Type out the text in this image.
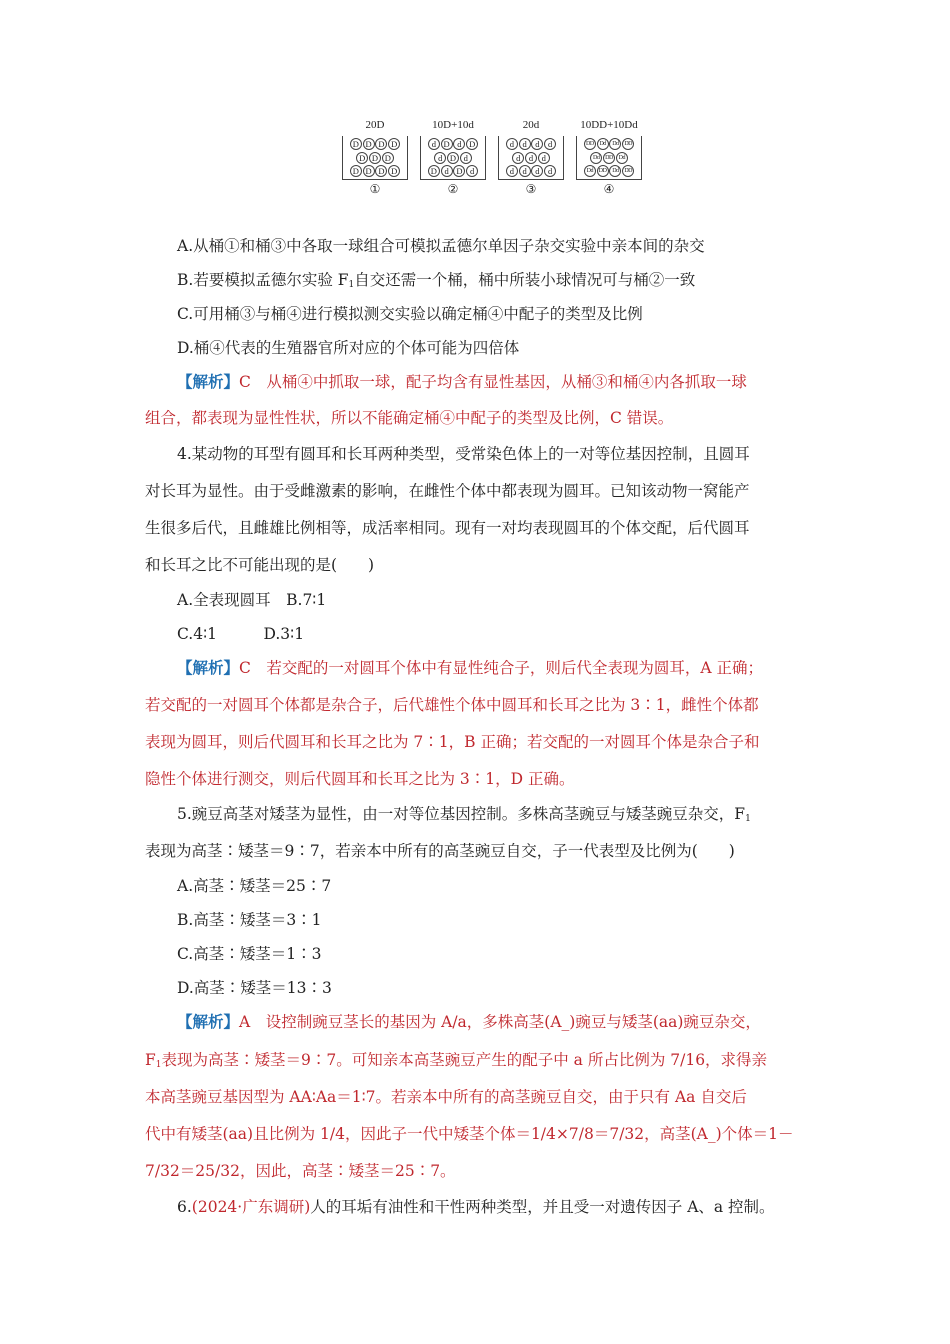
20D
D D D D
D D D
D D D D
①
10D+10d
d D d D
d D d
D d D d
②
20d
d	d	d	d
d	d	d
d	d	d	d
③
10DD+10Dd
DD Dd	Dd DD
Dd DD Dd
Dd DD Dd DD
④
A.从桶①和桶③中各取一球组合可模拟孟德尔单因子杂交实验中亲本间的杂交
B.若要模拟孟德尔实验 $F_1$自交还需一个桶，桶中所装小球情况可与桶②一致
C.可用桶③与桶④进行模拟测交实验以确定桶④中配子的类型及比例
D.桶④代表的生殖器官所对应的个体可能为四倍体
【解析】C　从桶④中抓取一球，配子均含有显性基因，从桶③和桶④内各抓取一球
组合，都表现为显性性状，所以不能确定桶④中配子的类型及比例，C 错误。
4.某动物的耳型有圆耳和长耳两种类型，受常染色体上的一对等位基因控制，且圆耳
对长耳为显性。由于受雌激素的影响，在雌性个体中都表现为圆耳。已知该动物一窝能产
生很多后代，且雌雄比例相等，成活率相同。现有一对均表现圆耳的个体交配，后代圆耳
和长耳之比不可能出现的是(　　)
A.全表现圆耳　B.7∶1
C.4∶1　　　D.3∶1
【解析】C　若交配的一对圆耳个体中有显性纯合子，则后代全表现为圆耳，A 正确；
若交配的一对圆耳个体都是杂合子，后代雄性个体中圆耳和长耳之比为 3∶1，雌性个体都
表现为圆耳，则后代圆耳和长耳之比为 7∶1，B 正确；若交配的一对圆耳个体是杂合子和
隐性个体进行测交，则后代圆耳和长耳之比为 3∶1，D 正确。
5.豌豆高茎对矮茎为显性，由一对等位基因控制。多株高茎豌豆与矮茎豌豆杂交，$F_1$
表现为高茎∶矮茎＝9∶7，若亲本中所有的高茎豌豆自交，子一代表型及比例为(　　)
A.高茎∶矮茎＝25∶7
B.高茎∶矮茎＝3∶1
C.高茎∶矮茎＝1∶3
D.高茎∶矮茎＝13∶3
【解析】A　设控制豌豆茎长的基因为 A/a，多株高茎(A_)豌豆与矮茎(aa)豌豆杂交，
$F_1$表现为高茎∶矮茎＝9∶7。可知亲本高茎豌豆产生的配子中 a 所占比例为 7/16，求得亲
本高茎豌豆基因型为 AA∶Aa＝1∶7。若亲本中所有的高茎豌豆自交，由于只有 Aa 自交后
代中有矮茎(aa)且比例为 1/4，因此子一代中矮茎个体＝1/4×7/8＝7/32，高茎(A_)个体＝1－
7/32＝25/32，因此，高茎∶矮茎＝25∶7。
6.(2024·广东调研)人的耳垢有油性和干性两种类型，并且受一对遗传因子 A、a 控制。
